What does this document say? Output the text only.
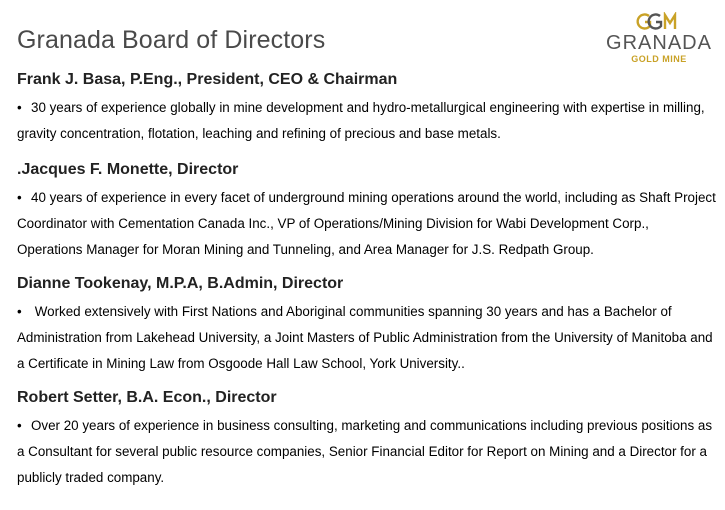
Granada Board of Directors	GRANADA
GOLD MINE
Frank J. Basa, P.Eng., President, CEO & Chairman

• 30 years of experience globally in mine development and hydro-metallurgical engineering with expertise in milling, gravity concentration, flotation, leaching and refining of precious and base metals.

.Jacques F. Monette, Director

• 40 years of experience in every facet of underground mining operations around the world, including as Shaft Project Coordinator with Cementation Canada Inc., VP of Operations/Mining Division for Wabi Development Corp., Operations Manager for Moran Mining and Tunneling, and Area Manager for J.S. Redpath Group.

Dianne Tookenay, M.P.A, B.Admin, Director

• Worked extensively with First Nations and Aboriginal communities spanning 30 years and has a Bachelor of Administration from Lakehead University, a Joint Masters of Public Administration from the University of Manitoba and a Certificate in Mining Law from Osgoode Hall Law School, York University..

Robert Setter, B.A. Econ., Director

• Over 20 years of experience in business consulting, marketing and communications including previous positions as a Consultant for several public resource companies, Senior Financial Editor for Report on Mining and a Director for a publicly traded company.
